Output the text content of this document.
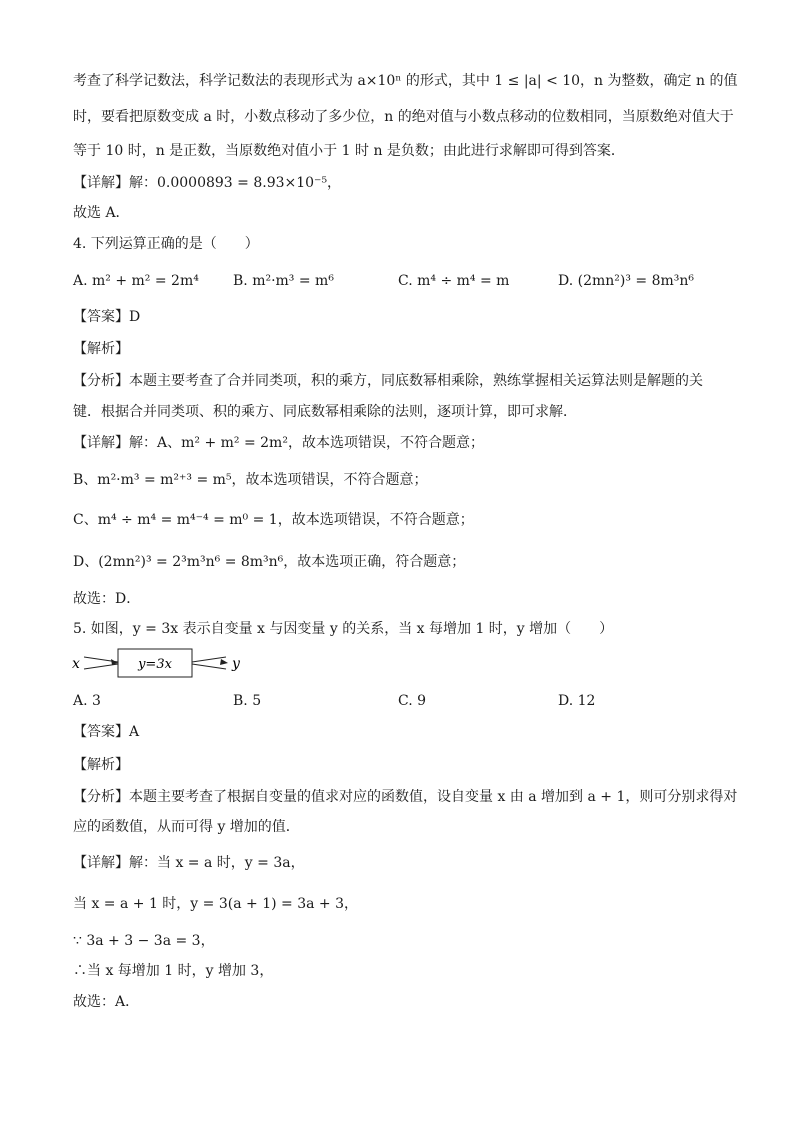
考查了科学记数法，科学记数法的表现形式为 a×10ⁿ 的形式，其中 1 ≤ |a| < 10，n 为整数，确定 n 的值
时，要看把原数变成 a 时，小数点移动了多少位，n 的绝对值与小数点移动的位数相同，当原数绝对值大于
等于 10 时，n 是正数，当原数绝对值小于 1 时 n 是负数；由此进行求解即可得到答案．
【详解】解：0.0000893 = 8.93×10⁻⁵，
故选 A．
4. 下列运算正确的是（　　）
A. m² + m² = 2m⁴ B. m²·m³ = m⁶	C. m⁴ ÷ m⁴ = m	D. (2mn²)³ = 8m³n⁶
【答案】D
【解析】
【分析】本题主要考查了合并同类项，积的乘方，同底数幂相乘除，熟练掌握相关运算法则是解题的关
键．根据合并同类项、积的乘方、同底数幂相乘除的法则，逐项计算，即可求解．
【详解】解：A、m² + m² = 2m²，故本选项错误，不符合题意；
B、m²·m³ = m²⁺³ = m⁵，故本选项错误，不符合题意；
C、m⁴ ÷ m⁴ = m⁴⁻⁴ = m⁰ = 1，故本选项错误，不符合题意；
D、(2mn²)³ = 2³m³n⁶ = 8m³n⁶，故本选项正确，符合题意；
故选：D．
5. 如图，y = 3x 表示自变量 x 与因变量 y 的关系，当 x 每增加 1 时，y 增加（　　）
x	y=3x	y
A. 3	B. 5	C. 9	D. 12
【答案】A
【解析】
【分析】本题主要考查了根据自变量的值求对应的函数值，设自变量 x 由 a 增加到 a + 1，则可分别求得对
应的函数值，从而可得 y 增加的值．
【详解】解：当 x = a 时，y = 3a，
当 x = a + 1 时，y = 3(a + 1) = 3a + 3，
∵ 3a + 3 − 3a = 3，
∴当 x 每增加 1 时，y 增加 3，
故选：A．
